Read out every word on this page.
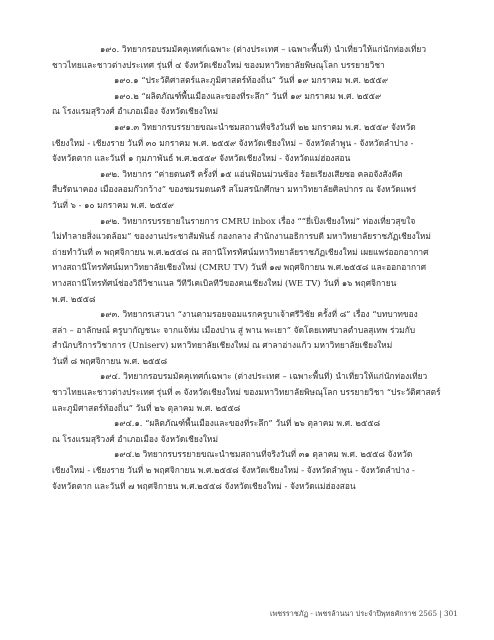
๑๙๐. วิทยากรอบรมมัคคุเทศก์เฉพาะ (ต่างประเทศ – เฉพาะพื้นที่) นำเที่ยวให้แก่นักท่องเที่ยว
ชาวไทยและชาวต่างประเทศ รุ่นที่ ๔ จังหวัดเชียงใหม่ ของมหาวิทยาลัยพิษณุโลก บรรยายวิชา
๑๙๐.๑ “ประวัติศาสตร์และภูมิศาสตร์ท้องถิ่น” วันที่ ๑๙ มกราคม พ.ศ. ๒๕๕๙
๑๙๐.๒ “ผลิตภัณฑ์พื้นเมืองและของที่ระลึก” วันที่ ๑๙ มกราคม พ.ศ. ๒๕๕๙
ณ โรงแรมสุริวงศ์ อำเภอเมือง จังหวัดเชียงใหม่
๑๙๑.๓ วิทยากรบรรยายขณะนำชมสถานที่จริงวันที่ ๒๒ มกราคม พ.ศ. ๒๕๕๙ จังหวัด
เชียงใหม่ - เชียงราย วันที่ ๓๐ มกราคม พ.ศ. ๒๕๕๙ จังหวัดเชียงใหม่ – จังหวัดลำพูน - จังหวัดลำปาง -
จังหวัดตาก และวันที่ ๑ กุมภาพันธ์ พ.ศ.๒๕๕๙ จังหวัดเชียงใหม่ - จังหวัดแม่ฮ่องสอน
๑๙๒. วิทยากร “ค่ายดนตรี ครั้งที่ ๑๕ แอ่นฟ้อนม่วนซ้อง ร้อยเรียงเสียซอ คลอจังสังคีต
สืบรัตนาคอง เมืองลอมก๊วกว้าง” ของชมรมดนตรี สโมสรนักศึกษา มหาวิทยาลัยศิลปากร ณ จังหวัดแพร่
วันที่ ๖ - ๑๐ มกราคม พ.ศ. ๒๕๕๙
๑๙๒. วิทยากรบรรยายในรายการ CMRU inbox เรื่อง ““ยี่เป็งเชียงใหม่” ท่องเที่ยวสุขใจ
ไม่ทำลายสิ่งแวดล้อม” ของงานประชาสัมพันธ์ กองกลาง สำนักงานอธิการบดี มหาวิทยาลัยราชภัฏเชียงใหม่
ถ่ายทำวันที่ ๓ พฤศจิกายน พ.ศ.๒๕๕๘ ณ สถานีโทรทัศน์มหาวิทยาลัยราชภัฏเชียงใหม่ เผยแพร่ออกอากาศ
ทางสถานีโทรทัศน์มหาวิทยาลัยเชียงใหม่ (CMRU TV) วันที่ ๑๗ พฤศจิกายน พ.ศ.๒๕๕๘ และออกอากาศ
ทางสถานีโทรทัศน์ช่องวิถีวิชาแนล วีทีวีเคเบิลทีวีของคนเชียงใหม่ (WE TV) วันที่ ๑๖ พฤศจิกายน
พ.ศ. ๒๕๕๘
๑๙๓. วิทยากรเสวนา “งานตามรอยจอมแรกครูบาเจ้าศรีวิชัย ครั้งที่ ๘” เรื่อง “บทบาทของ
สล่า – อาลักษณ์ ครูบากัญชนะ จากแจ้ห่ม เมืองปาน สู่ พาน พะเยา” จัดโดยเทศบาลตำบลสุเทพ ร่วมกับ
สำนักบริการวิชาการ (Uniserv) มหาวิทยาลัยเชียงใหม่ ณ ศาลาอ่างแก้ว มหาวิทยาลัยเชียงใหม่
วันที่ ๘ พฤศจิกายน พ.ศ. ๒๕๕๘
๑๙๔. วิทยากรอบรมมัคคุเทศก์เฉพาะ (ต่างประเทศ – เฉพาะพื้นที่) นำเที่ยวให้แก่นักท่องเที่ยว
ชาวไทยและชาวต่างประเทศ รุ่นที่ ๓ จังหวัดเชียงใหม่ ของมหาวิทยาลัยพิษณุโลก บรรยายวิชา “ประวัติศาสตร์
และภูมิศาสตร์ท้องถิ่น” วันที่ ๒๖ ตุลาคม พ.ศ. ๒๕๕๘
๑๙๔.๑. “ผลิตภัณฑ์พื้นเมืองและของที่ระลึก” วันที่ ๒๖ ตุลาคม พ.ศ. ๒๕๕๘
ณ โรงแรมสุริวงศ์ อำเภอเมือง จังหวัดเชียงใหม่
๑๙๔.๒ วิทยากรบรรยายขณะนำชมสถานที่จริงวันที่ ๓๑ ตุลาคม พ.ศ. ๒๕๕๘ จังหวัด
เชียงใหม่ - เชียงราย วันที่ ๒ พฤศจิกายน พ.ศ.๒๕๕๘ จังหวัดเชียงใหม่ - จังหวัดลำพูน - จังหวัดลำปาง -
จังหวัดตาก และวันที่ ๗ พฤศจิกายน พ.ศ.๒๕๕๘ จังหวัดเชียงใหม่ - จังหวัดแม่ฮ่องสอน
เพชรราชภัฏ - เพชรล้านนา ประจำปีพุทธศักราช 2565 | 301
